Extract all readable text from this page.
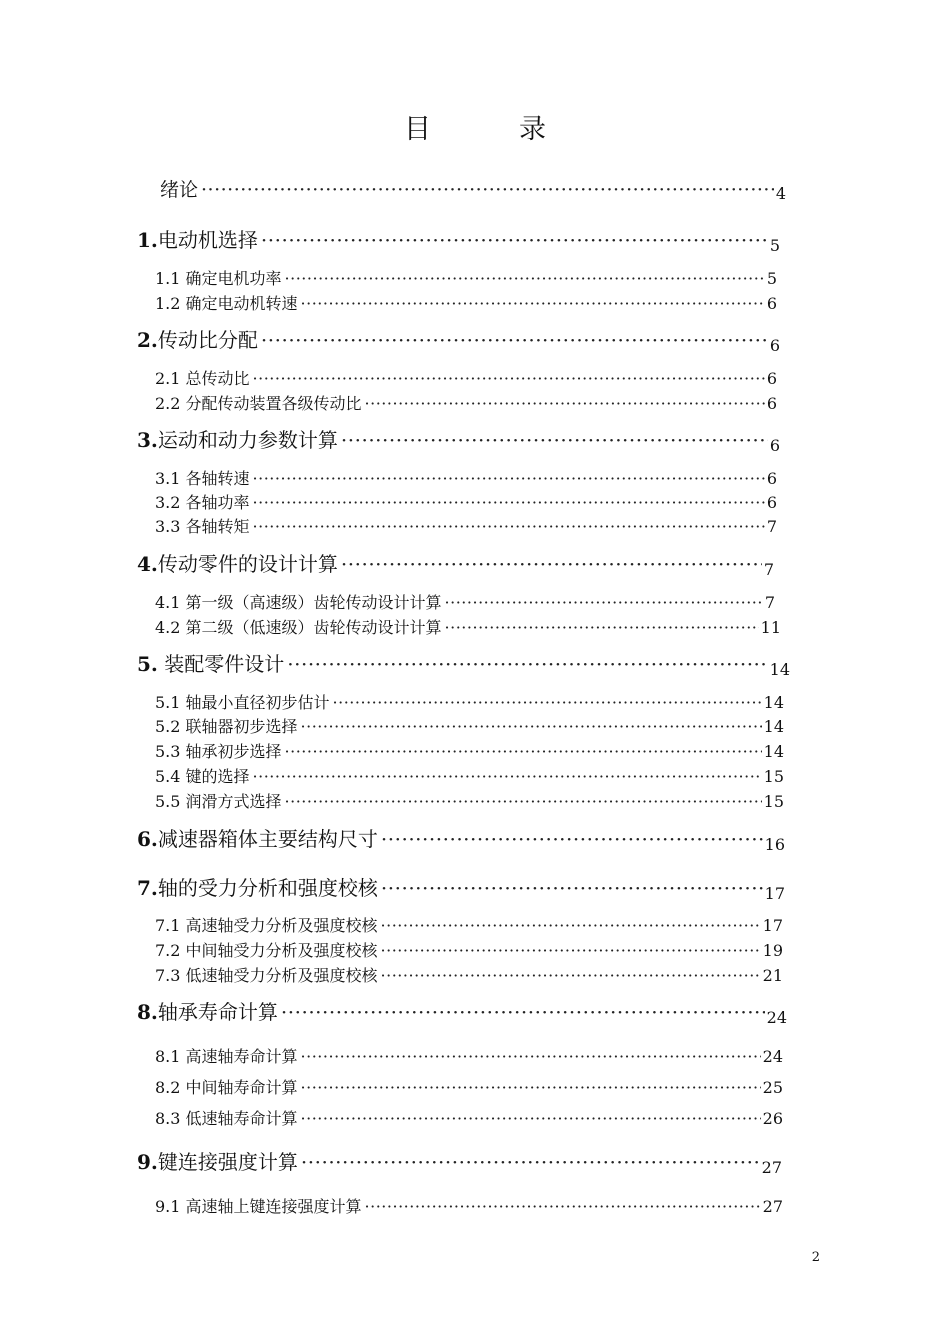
目	录
绪论 ·····	4
1.电动机选择 ·····	5
1.1 确定电机功率 ·····	5
1.2 确定电动机转速 ·····	6
2.传动比分配 ·····	6
2.1 总传动比 ·····	6
2.2 分配传动装置各级传动比 ·····	6
3.运动和动力参数计算 ·····	6
3.1 各轴转速 ·····	6
3.2 各轴功率 ·····	6
3.3 各轴转矩 ·····	7
4.传动零件的设计计算 ·····	7
4.1 第一级（高速级）齿轮传动设计计算 ·····	7
4.2 第二级（低速级）齿轮传动设计计算 ·····	11
5. 装配零件设计 ·····	14
5.1 轴最小直径初步估计 ·····	14
5.2 联轴器初步选择 ·····	14
5.3 轴承初步选择 ·····	14
5.4 键的选择 ·····	15
5.5 润滑方式选择 ·····	15
6.减速器箱体主要结构尺寸 ·····	16
7.轴的受力分析和强度校核 ·····	17
7.1 高速轴受力分析及强度校核 ·····	17
7.2 中间轴受力分析及强度校核 ·····	19
7.3 低速轴受力分析及强度校核 ·····	21
8.轴承寿命计算 ·····	24
8.1 高速轴寿命计算 ·····	24
8.2 中间轴寿命计算 ·····	25
8.3 低速轴寿命计算 ·····	26
9.键连接强度计算 ·····	27
9.1 高速轴上键连接强度计算 ·····	27
2
